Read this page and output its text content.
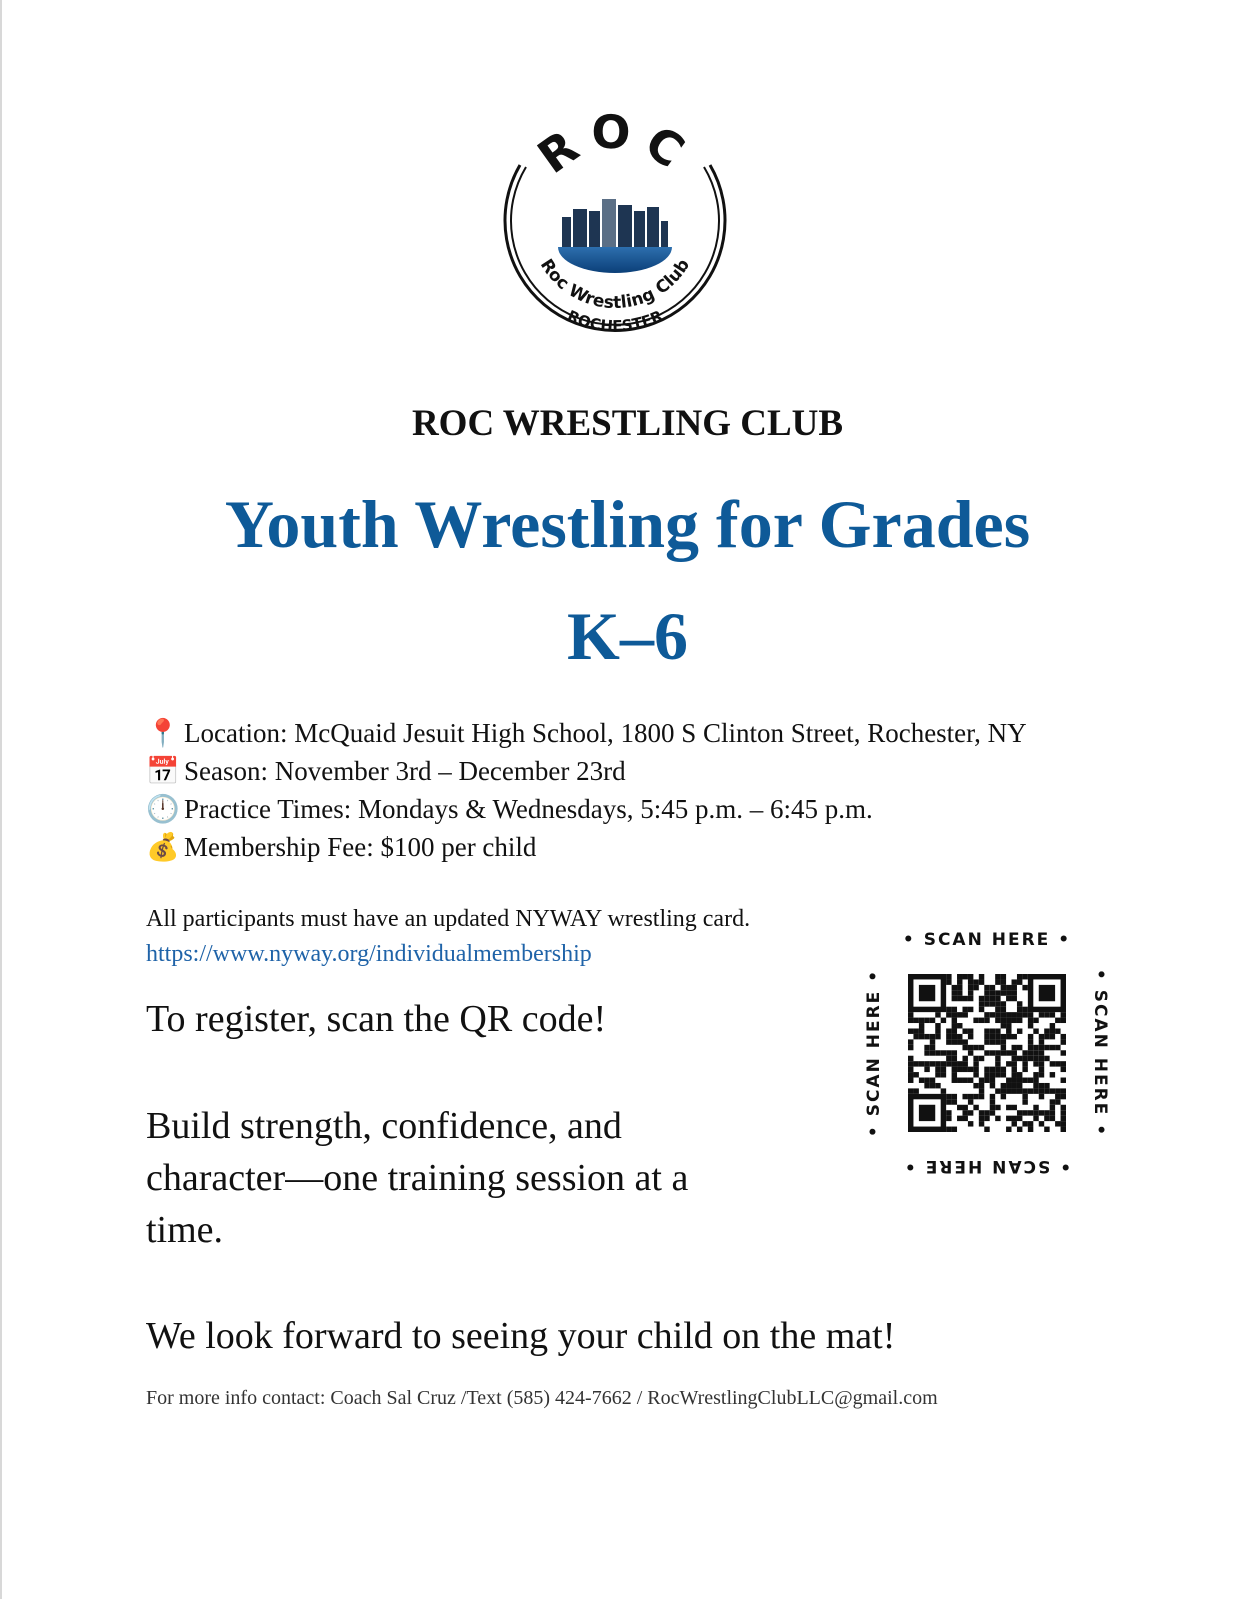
ROC
Roc Wrestling Club
ROCHESTER
ROC WRESTLING CLUB
Youth Wrestling for Grades
K–6
📍 Location: McQuaid Jesuit High School, 1800 S Clinton Street, Rochester, NY
📅 Season: November 3rd – December 23rd
🕛 Practice Times: Mondays & Wednesdays, 5:45 p.m. – 6:45 p.m.
💰 Membership Fee: $100 per child
All participants must have an updated NYWAY wrestling card. https://www.nyway.org/individualmembership
To register, scan the QR code!
Build strength, confidence, and character—one training session at a time.
We look forward to seeing your child on the mat!
For more info contact: Coach Sal Cruz /Text (585) 424-7662 / RocWrestlingClubLLC@gmail.com
• SCAN HERE •
• SCAN HERE •
• SCAN HERE •	• SCAN HERE •
